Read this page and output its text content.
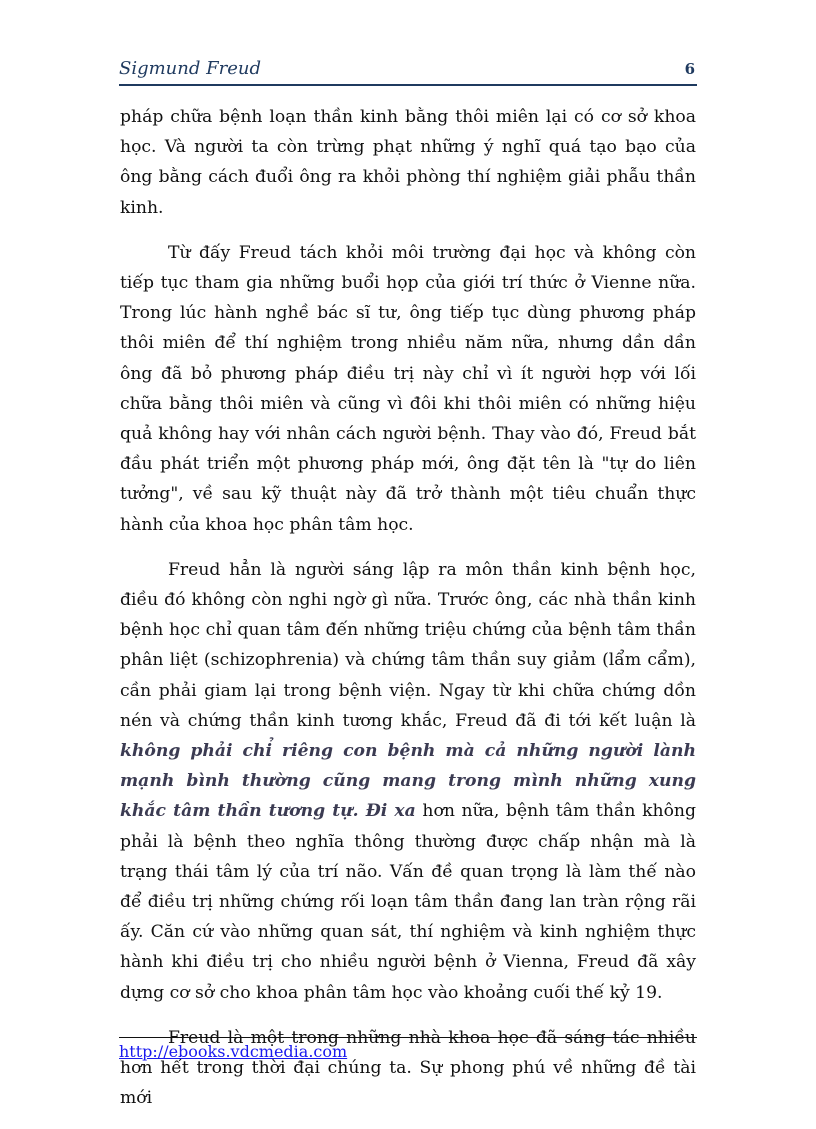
Sigmund Freud	6

pháp chữa bệnh loạn thần kinh bằng thôi miên lại có cơ sở khoa học. Và người ta còn trừng phạt những ý nghĩ quá tạo bạo của ông bằng cách đuổi ông ra khỏi phòng thí nghiệm giải phẫu thần kinh.

Từ đấy Freud tách khỏi môi trường đại học và không còn tiếp tục tham gia những buổi họp của giới trí thức ở Vienne nữa. Trong lúc hành nghề bác sĩ tư, ông tiếp tục dùng phương pháp thôi miên để thí nghiệm trong nhiều năm nữa, nhưng dần dần ông đã bỏ phương pháp điều trị này chỉ vì ít người hợp với lối chữa bằng thôi miên và cũng vì đôi khi thôi miên có những hiệu quả không hay với nhân cách người bệnh. Thay vào đó, Freud bắt đầu phát triển một phương pháp mới, ông đặt tên là "tự do liên tưởng", về sau kỹ thuật này đã trở thành một tiêu chuẩn thực hành của khoa học phân tâm học.

Freud hẳn là người sáng lập ra môn thần kinh bệnh học, điều đó không còn nghi ngờ gì nữa. Trước ông, các nhà thần kinh bệnh học chỉ quan tâm đến những triệu chứng của bệnh tâm thần phân liệt (schizophrenia) và chứng tâm thần suy giảm (lẩm cẩm), cần phải giam lại trong bệnh viện. Ngay từ khi chữa chứng dồn nén và chứng thần kinh tương khắc, Freud đã đi tới kết luận là không phải chỉ riêng con bệnh mà cả những người lành mạnh bình thường cũng mang trong mình những xung khắc tâm thần tương tự. Đi xa hơn nữa, bệnh tâm thần không phải là bệnh theo nghĩa thông thường được chấp nhận mà là trạng thái tâm lý của trí não. Vấn đề quan trọng là làm thế nào để điều trị những chứng rối loạn tâm thần đang lan tràn rộng rãi ấy. Căn cứ vào những quan sát, thí nghiệm và kinh nghiệm thực hành khi điều trị cho nhiều người bệnh ở Vienna, Freud đã xây dựng cơ sở cho khoa phân tâm học vào khoảng cuối thế kỷ 19.

Freud là một trong những nhà khoa học đã sáng tác nhiều hơn hết trong thời đại chúng ta. Sự phong phú về những đề tài mới

http://ebooks.vdcmedia.com
